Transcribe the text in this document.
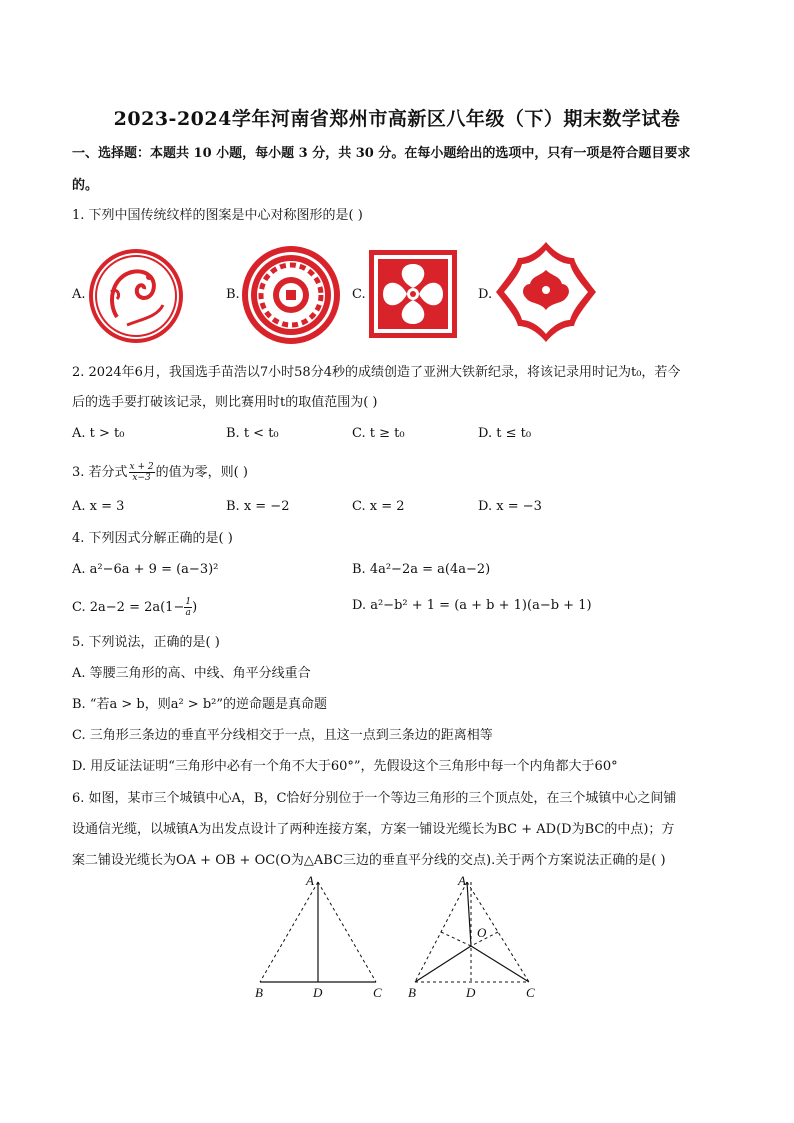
2023-2024学年河南省郑州市高新区八年级（下）期末数学试卷
一、选择题：本题共 10 小题，每小题 3 分，共 30 分。在每小题给出的选项中，只有一项是符合题目要求
的。
1. 下列中国传统纹样的图案是中心对称图形的是( )
A.	B.	C.	D.
2. 2024年6月，我国选手苗浩以7小时58分4秒的成绩创造了亚洲大铁新纪录，将该记录用时记为t₀，若今
后的选手要打破该记录，则比赛用时t的取值范围为( )
A. t > t₀	B. t < t₀	C. t ≥ t₀	D. t ≤ t₀
3. 若分式 $\frac{x + 2}{x-3}$ 的值为零，则( )
A. x = 3	B. x = −2	C. x = 2	D. x = −3
4. 下列因式分解正确的是( )
A. a²−6a + 9 = (a−3)²	B. 4a²−2a = a(4a−2)
C. $2a-2 = 2a(1- \frac{1}{a}$ )	D. a²−b² + 1 = (a + b + 1)(a−b + 1)
5. 下列说法，正确的是( )
A. 等腰三角形的高、中线、角平分线重合
B. “若a > b，则a² > b²”的逆命题是真命题
C. 三角形三条边的垂直平分线相交于一点，且这一点到三条边的距离相等
D. 用反证法证明“三角形中必有一个角不大于60°”，先假设这个三角形中每一个内角都大于60°
6. 如图，某市三个城镇中心A，B，C恰好分别位于一个等边三角形的三个顶点处，在三个城镇中心之间铺
设通信光缆，以城镇A为出发点设计了两种连接方案，方案一铺设光缆长为BC + AD(D为BC的中点)；方
案二铺设光缆长为OA + OB + OC(O为△ABC三边的垂直平分线的交点).关于两个方案说法正确的是( )
A
B	D	C
A
O
B	D	C
